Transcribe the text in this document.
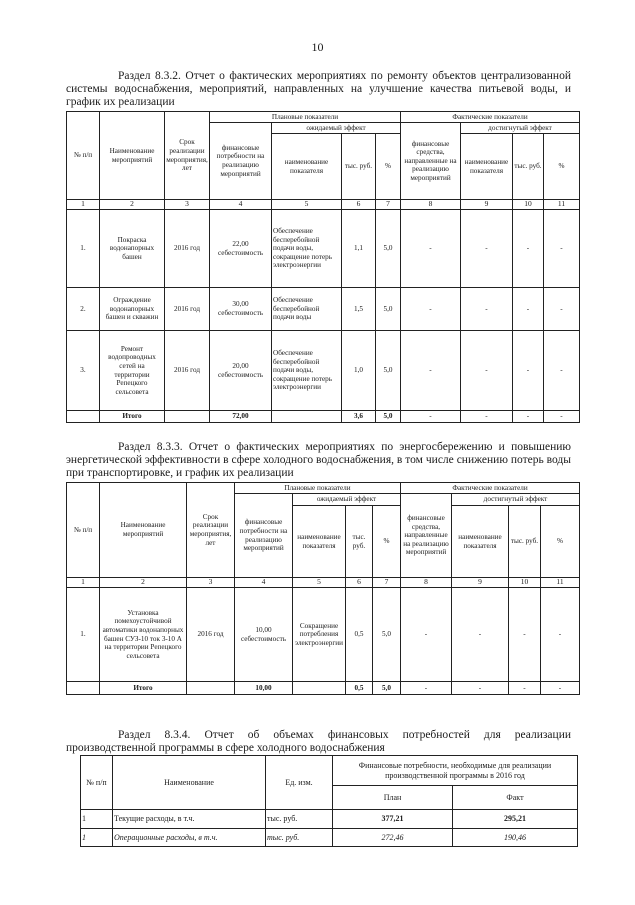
10
Раздел 8.3.2. Отчет о фактических мероприятиях по ремонту объектов централизованной системы водоснабжения, мероприятий, направленных на улучшение качества питьевой воды, и график их реализации
№ п/п	Наименование мероприятий	Срок реализации мероприятия, лет	Плановые показатели				Фактические показатели			
			финансовые потребности на реализацию мероприятий	ожидаемый эффект			финансовые средства, направленные на реализацию мероприятий	достигнутый эффект		
				наименование показателя	тыс. руб.	%		наименование показателя	тыс. руб.	%
1	2	3	4	5	6	7	8	9	10	11
1.	Покраска водонапорных башен	2016 год	22,00 себестоимость	Обеспечение бесперебойной подачи воды, сокращение потерь электроэнергии	1,1	5,0	-	-	-	-
2.	Ограждение водонапорных башен и скважин	2016 год	30,00 себестоимость	Обеспечение бесперебойной подачи воды	1,5	5,0	-	-	-	-
3.	Ремонт водопроводных сетей на территории Репецкого сельсовета	2016 год	20,00 себестоимость	Обеспечение бесперебойной подачи воды, сокращение потерь электроэнергии	1,0	5,0	-	-	-	-
	Итого		72,00		3,6	5,0	-	-	-	-
Раздел 8.3.3. Отчет о фактических мероприятиях по энергосбережению и повышению энергетической эффективности в сфере холодного водоснабжения, в том числе снижению потерь воды при транспортировке, и график их реализации
№ п/п	Наименование мероприятий	Срок реализации мероприятия, лет	Плановые показатели				Фактические показатели			
			финансовые потребности на реализацию мероприятий	ожидаемый эффект			финансовые средства, направленные на реализацию мероприятий	достигнутый эффект		
				наименование показателя	тыс. руб.	%		наименование показателя	тыс. руб.	%
1	2	3	4	5	6	7	8	9	10	11
1.	Установка помехоустойчивой автоматики водонапорных башен СУЗ-10 ток 3-10 А на территории Репецкого сельсовета	2016 год	10,00 себестоимость	Сокращение потребления электроэнергии	0,5	5,0	-	-	-	-
	Итого		10,00		0,5	5,0	-	-	-	-
Раздел 8.3.4. Отчет об объемах финансовых потребностей для реализации производственной программы в сфере холодного водоснабжения
№ п/п	Наименование	Ед. изм.	Финансовые потребности, необходимые для реализации производственной программы в 2016 год	
			План	Факт
1	Текущие расходы, в т.ч.	тыс. руб.	377,21	295,21
1	Операционные расходы, в т.ч.	тыс. руб.	272,46	190,46
